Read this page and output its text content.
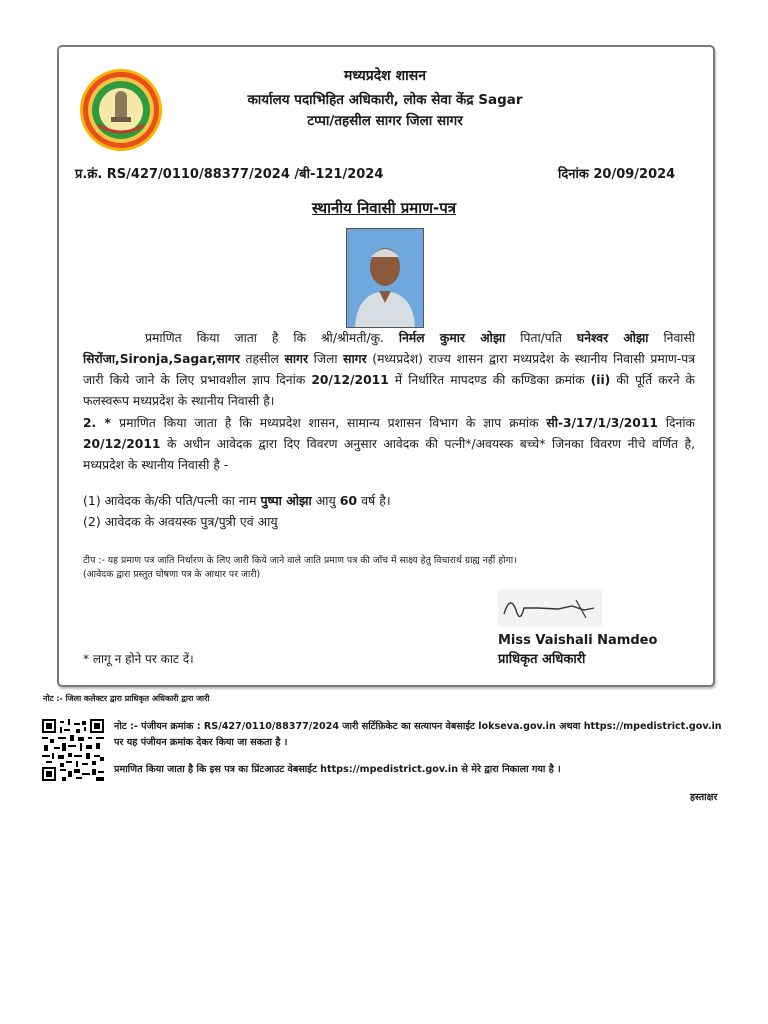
मध्यप्रदेश शासन
कार्यालय पदाभिहित अधिकारी, लोक सेवा केंद्र Sagar
टप्पा/तहसील सागर जिला सागर
प्र.क्रं. RS/427/0110/88377/2024 /बी-121/2024	दिनांक 20/09/2024
स्थानीय निवासी प्रमाण-पत्र
प्रमाणित किया जाता है कि श्री/श्रीमती/कु. निर्मल कुमार ओझा पिता/पति घनेश्वर ओझा निवासी सिरोंजा,Sironja,Sagar,सागर तहसील सागर जिला सागर (मध्यप्रदेश) राज्य शासन द्वारा मध्यप्रदेश के स्थानीय निवासी प्रमाण-पत्र जारी किये जाने के लिए प्रभावशील ज्ञाप दिनांक 20/12/2011 में निर्धारित मापदण्ड की कण्डिका क्रमांक (ii) की पूर्ति करने के फलस्वरूप मध्यप्रदेश के स्थानीय निवासी है।
2. * प्रमाणित किया जाता है कि मध्यप्रदेश शासन, सामान्य प्रशासन विभाग के ज्ञाप क्रमांक सी-3/17/1/3/2011 दिनांक 20/12/2011 के अधीन आवेदक द्वारा दिए विवरण अनुसार आवेदक की पत्नी*/अवयस्क बच्चे* जिनका विवरण नीचे वर्णित है, मध्यप्रदेश के स्थानीय निवासी है -
(1) आवेदक के/की पति/पत्नी का नाम पुष्पा ओझा आयु 60 वर्ष है।
(2) आवेदक के अवयस्क पुत्र/पुत्री एवं आयु
टीप :- यह प्रमाण पत्र जाति निर्धारण के लिए जारी किये जाने वाले जाति प्रमाण पत्र की जाँच में साक्ष्य हेतु विचारार्थ ग्राह्य नहीं होगा।
(आवेदक द्वारा प्रस्तुत घोषणा पत्र के आधार पर जारी)
Miss Vaishali Namdeo
प्राधिकृत अधिकारी
* लागू न होने पर काट दें।
नोट :- जिला कलेक्टर द्वारा प्राधिकृत अधिकारी द्वारा जारी
नोट :- पंजीयन क्रमांक : RS/427/0110/88377/2024 जारी सर्टिफ़िकेट का सत्यापन वेबसाईट lokseva.gov.in अथवा https://mpedistrict.gov.in पर यह पंजीयन क्रमांक देकर किया जा सकता है ।
प्रमाणित किया जाता है कि इस पत्र का प्रिंटआउट वेबसाईट https://mpedistrict.gov.in से मेरे द्वारा निकाला गया है ।
हस्ताक्षर
